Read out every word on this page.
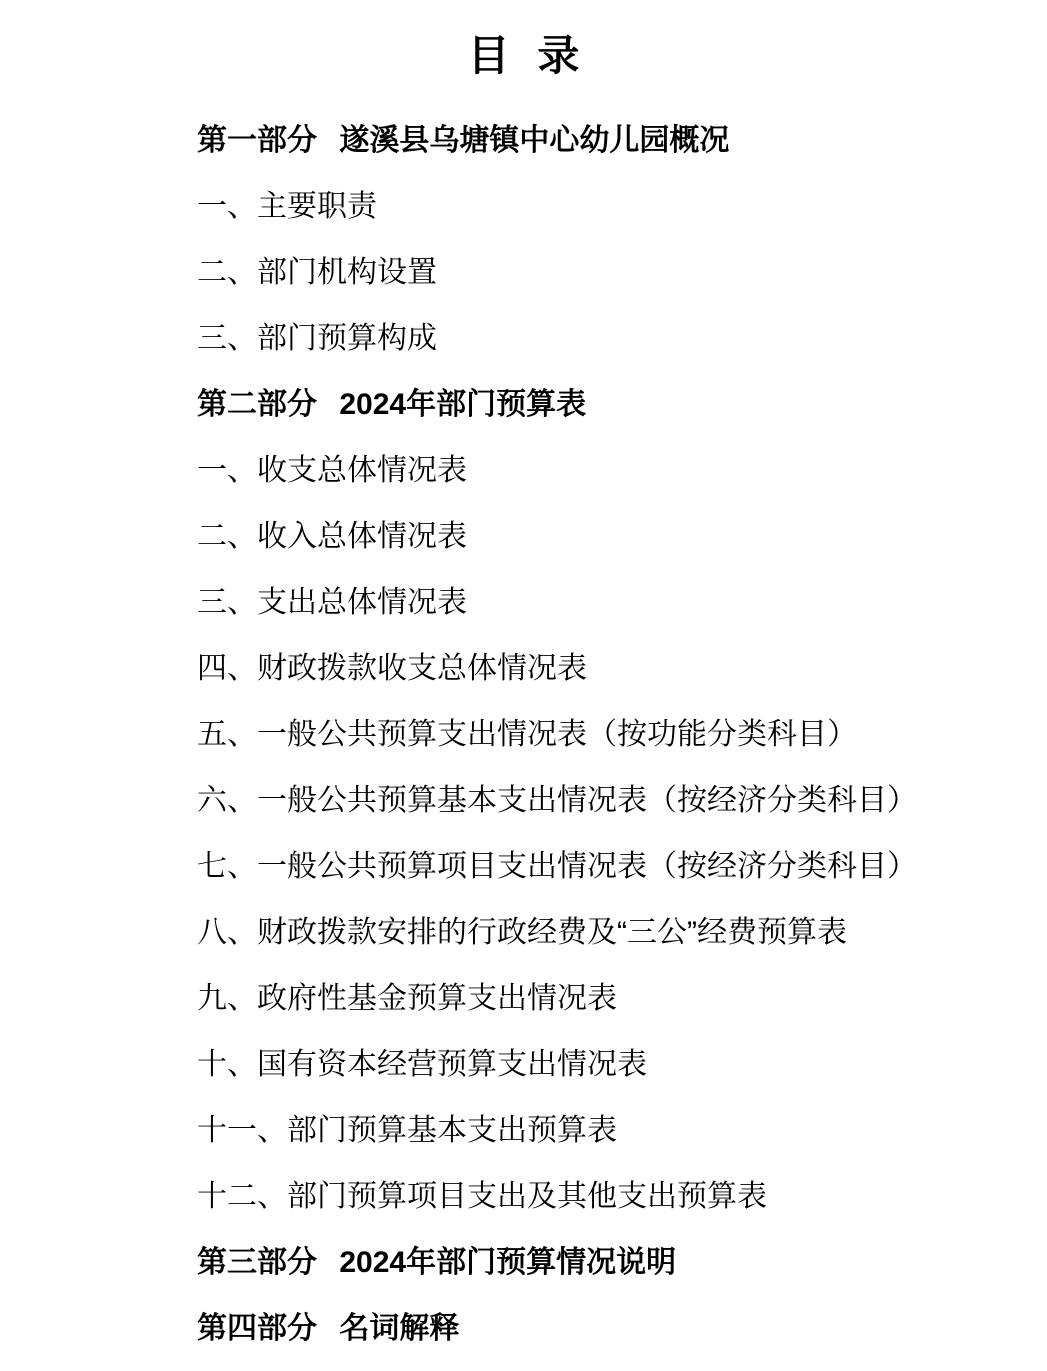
目 录
第一部分 遂溪县乌塘镇中心幼儿园概况
一、主要职责
二、部门机构设置
三、部门预算构成
第二部分 2024年部门预算表
一、收支总体情况表
二、收入总体情况表
三、支出总体情况表
四、财政拨款收支总体情况表
五、一般公共预算支出情况表（按功能分类科目）
六、一般公共预算基本支出情况表（按经济分类科目）
七、一般公共预算项目支出情况表（按经济分类科目）
八、财政拨款安排的行政经费及“三公”经费预算表
九、政府性基金预算支出情况表
十、国有资本经营预算支出情况表
十一、部门预算基本支出预算表
十二、部门预算项目支出及其他支出预算表
第三部分 2024年部门预算情况说明
第四部分 名词解释
